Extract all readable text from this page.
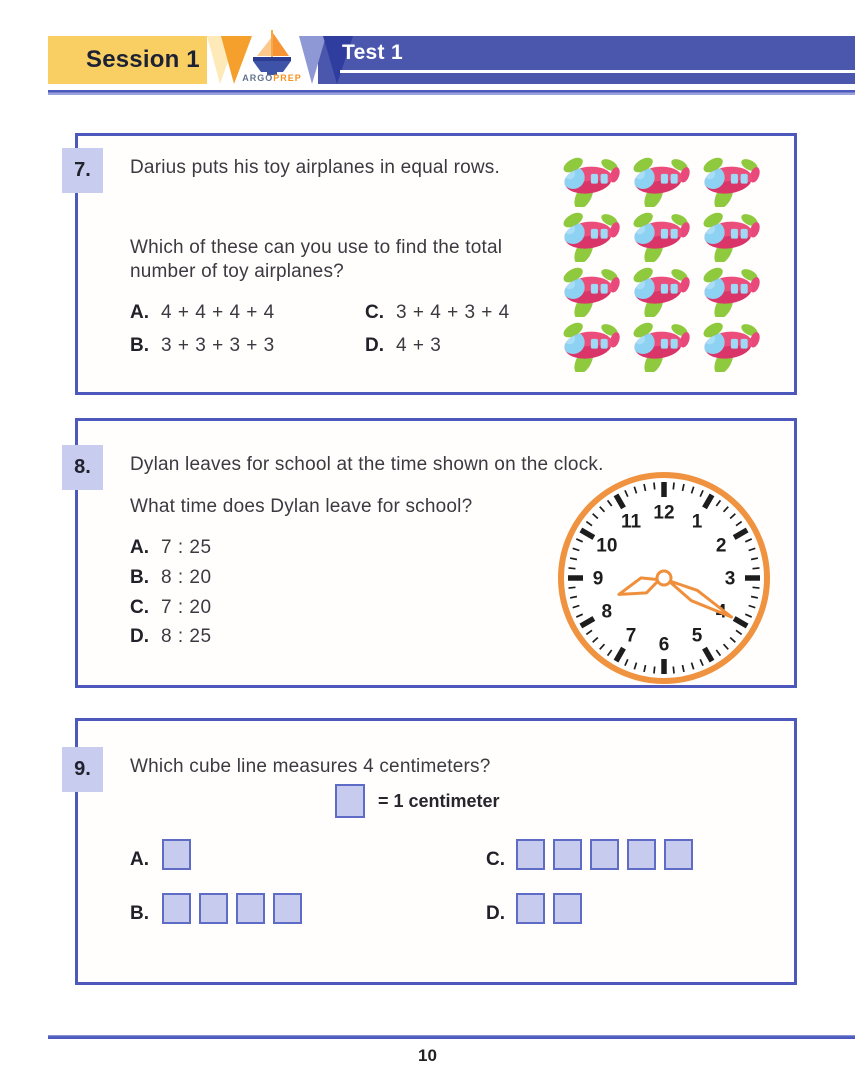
Session 1
ARGOPREP
Test 1
7.	Darius puts his toy airplanes in equal rows.
Which of these can you use to find the total number of toy airplanes?
A. 4 + 4 + 4 + 4
B. 3 + 3 + 3 + 3
C. 3 + 4 + 3 + 4
D. 4 + 3
8.	Dylan leaves for school at the time shown on the clock.
What time does Dylan leave for school?
A. 7 : 25
B. 8 : 20
C. 7 : 20
D. 8 : 25
1
2
3
5
6
7
8
9
10
11 12
9.	Which cube line measures 4 centimeters?
= 1 centimeter
A.
B.
C.
D.
10
